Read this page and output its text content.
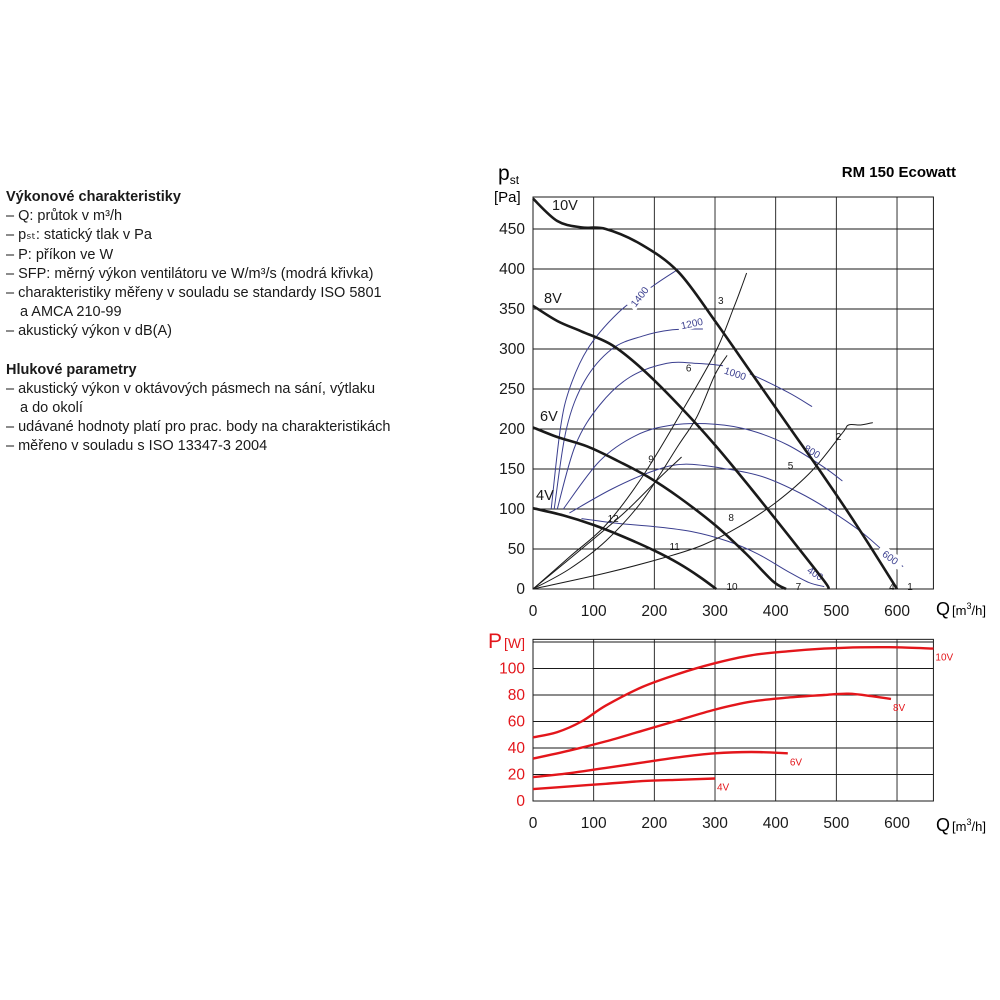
Výkonové charakteristiky
– Q: průtok v m³/h
– pₛₜ: statický tlak v Pa
– P: příkon ve W
– SFP: měrný výkon ventilátoru ve W/m³/s (modrá křivka)
– charakteristiky měřeny v souladu se standardy ISO 5801
a AMCA 210-99
– akustický výkon v dB(A)
Hlukové parametry
– akustický výkon v oktávových pásmech na sání, výtlaku
a do okolí
– udávané hodnoty platí pro prac. body na charakteristikách
– měřeno v souladu s ISO 13347-3 2004
RM 150 Ecowatt
pst
[Pa]
Q [$m^3_{/h]}$
P [W]
Q [$m^3_{/h]}$
0	100 200 300 400 500 600
0
50
100
150
200
250
300
350
400
450
1400
1200
1000
800
600
400
10V
8V
6V
4V
1
2
3
4
5
6
7
8
9
10
11
12
0	100 200 300 400 500 600
0
20
40
60
80
100
10V
8V
6V
4V
